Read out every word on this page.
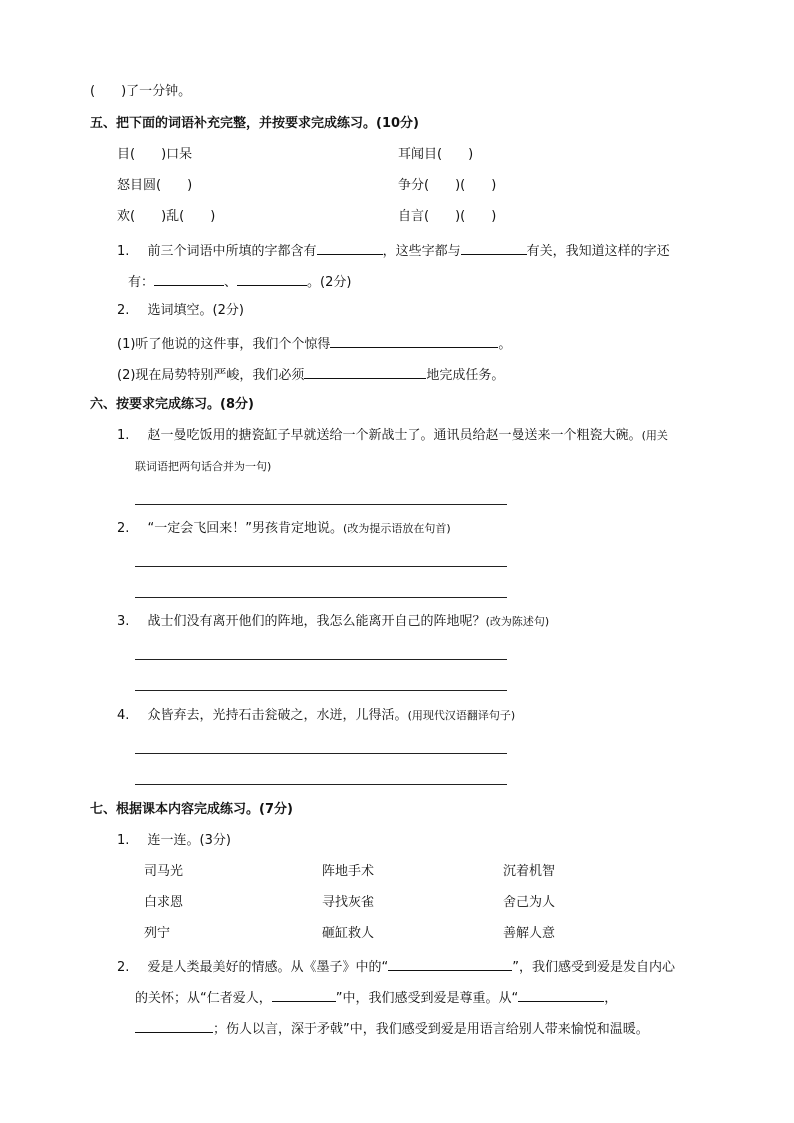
(　　)了一分钟。
五、把下面的词语补充完整，并按要求完成练习。(10分)
目(　　)口呆	耳闻目(　　)
怒目圆(　　)	争分(　　)(　　)
欢(　　)乱(　　)	自言(　　)(　　)
1. 前三个词语中所填的字都含有	，这些字都与	有关，我知道这样的字还
有：	、	。(2分)
2. 选词填空。(2分)
(1)听了他说的这件事，我们个个惊得	。
(2)现在局势特别严峻，我们必须	地完成任务。
六、按要求完成练习。(8分)
1. 赵一曼吃饭用的搪瓷缸子早就送给一个新战士了。通讯员给赵一曼送来一个粗瓷大碗。(用关
联词语把两句话合并为一句)
2. “一定会飞回来！”男孩肯定地说。(改为提示语放在句首)
3. 战士们没有离开他们的阵地，我怎么能离开自己的阵地呢？(改为陈述句)
4. 众皆弃去，光持石击瓮破之，水迸，儿得活。(用现代汉语翻译句子)
七、根据课本内容完成练习。(7分)
1. 连一连。(3分)
司马光	阵地手术	沉着机智
白求恩	寻找灰雀	舍己为人
列宁	砸缸救人	善解人意
2. 爱是人类最美好的情感。从《墨子》中的“	”，我们感受到爱是发自内心
的关怀；从“仁者爱人，	”中，我们感受到爱是尊重。从“	，
；伤人以言，深于矛戟”中，我们感受到爱是用语言给别人带来愉悦和温暖。
